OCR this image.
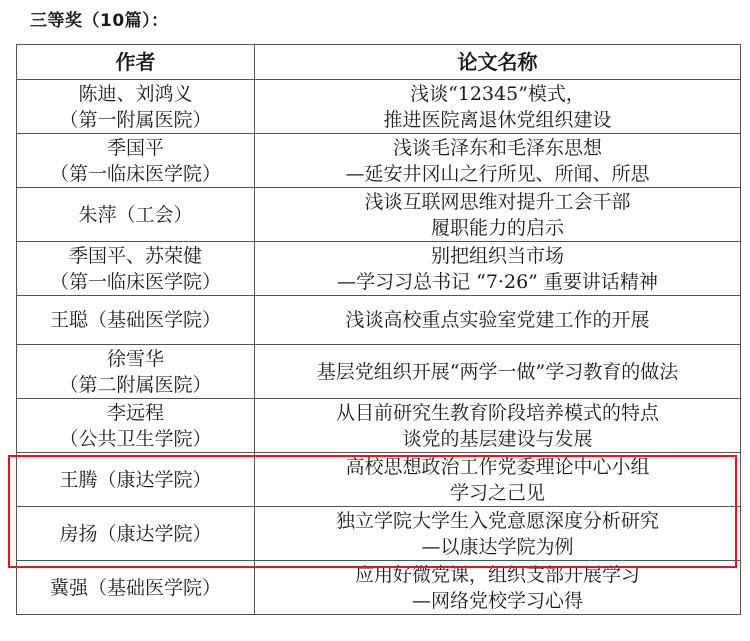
三等奖（10篇）：
作者	论文名称

陈迪、刘鸿义
（第一附属医院）	浅谈“12345”模式，
推进医院离退休党组织建设

季国平
（第一临床医学院）	浅谈毛泽东和毛泽东思想
—延安井冈山之行所见、所闻、所思

朱萍（工会）	浅谈互联网思维对提升工会干部
履职能力的启示

季国平、苏荣健
（第一临床医学院）	别把组织当市场
—学习习总书记 “7·26” 重要讲话精神

王聪（基础医学院）	浅谈高校重点实验室党建工作的开展

徐雪华
（第二附属医院）	基层党组织开展“两学一做”学习教育的做法

李远程
（公共卫生学院）	从目前研究生教育阶段培养模式的特点
谈党的基层建设与发展

王腾（康达学院）	高校思想政治工作党委理论中心小组
学习之己见

房扬（康达学院）	独立学院大学生入党意愿深度分析研究
—以康达学院为例

冀强（基础医学院）	应用好微党课，组织支部开展学习
—网络党校学习心得
